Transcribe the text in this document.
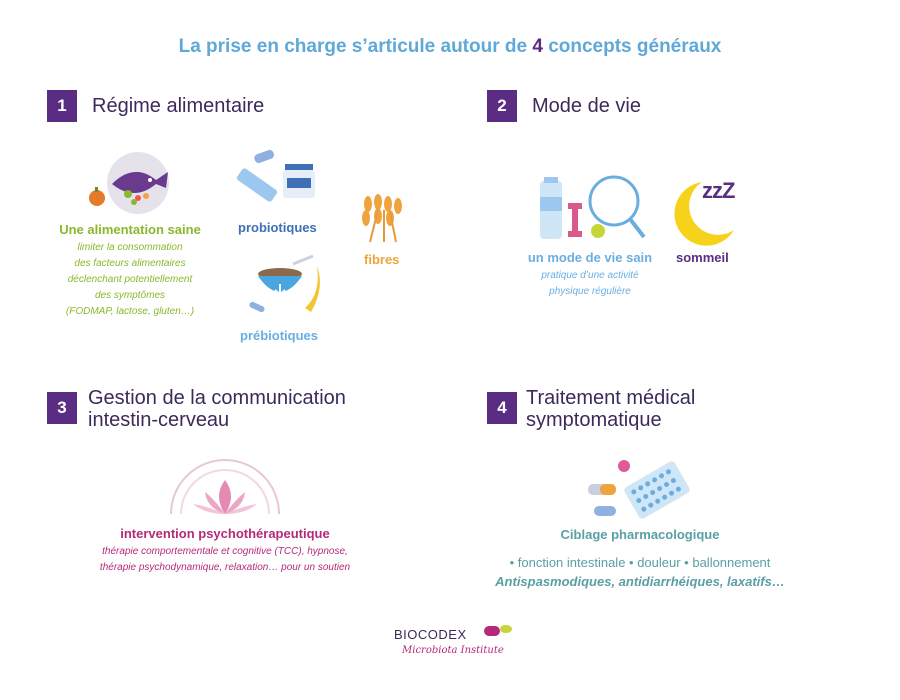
La prise en charge s’articule autour de 4 concepts généraux
1	Régime alimentaire
Une alimentation saine
limiter la consommation
des facteurs alimentaires
déclenchant potentiellement
des symptômes
(FODMAP, lactose, gluten…)
probiotiques
fibres
prébiotiques
2	Mode de vie
un mode de vie sain
pratique d’une activité
physique régulière
zzZ
sommeil
3	Gestion de la communication intestin-cerveau
intervention psychothérapeutique
thérapie comportementale et cognitive (TCC), hypnose,
thérapie psychodynamique, relaxation… pour un soutien
4 Traitement médical symptomatique
Ciblage pharmacologique
• fonction intestinale • douleur • ballonnement
Antispasmodiques, antidiarrhéiques, laxatifs…
BIOCODEX
Microbiota Institute
